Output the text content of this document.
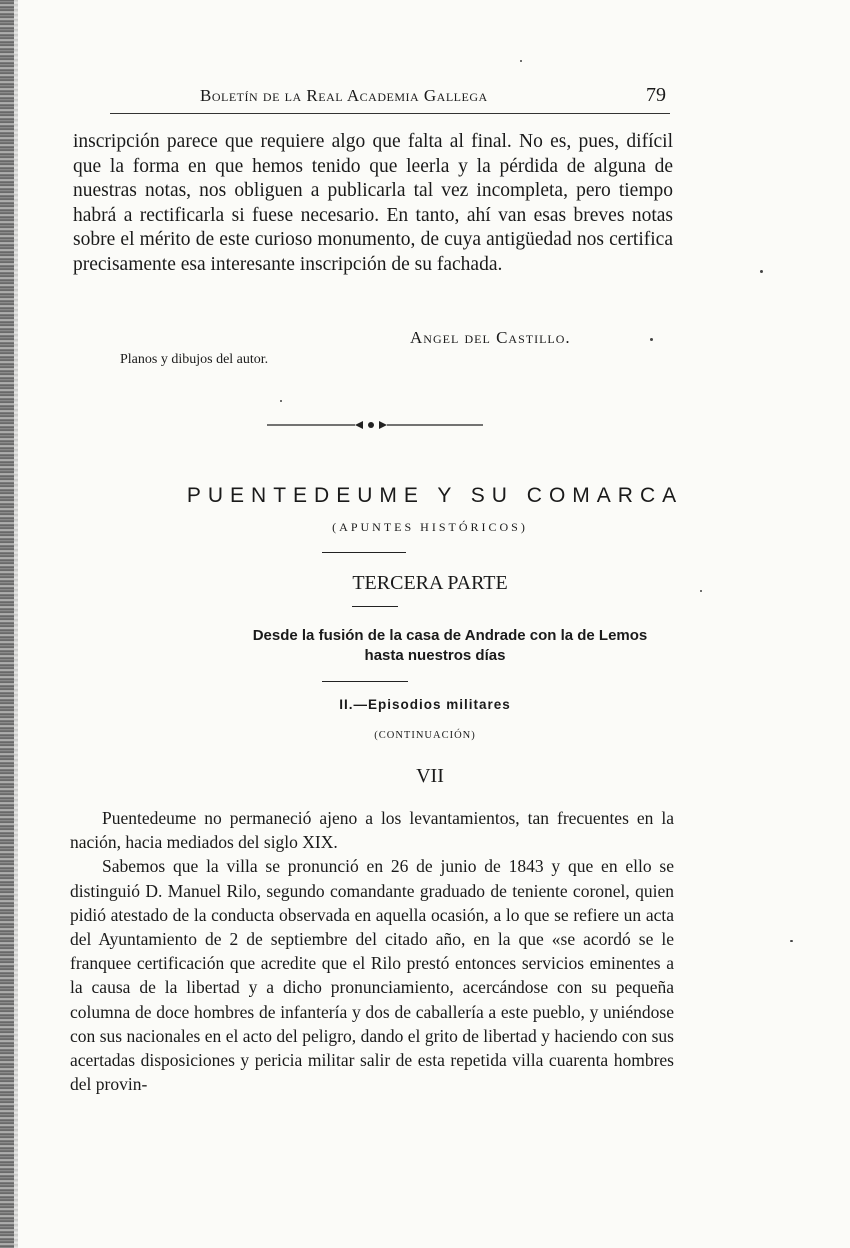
Boletín de la Real Academia Gallega	79
inscripción parece que requiere algo que falta al final. No es, pues, difícil que la forma en que hemos tenido que leerla y la pérdida de alguna de nuestras notas, nos obliguen a publicarla tal vez incompleta, pero tiempo habrá a rectificarla si fuese necesario. En tanto, ahí van esas breves notas sobre el mérito de este curioso monumento, de cuya antigüedad nos certifica precisamente esa interesante inscripción de su fachada.
Angel del Castillo.
Planos y dibujos del autor.
PUENTEDEUME Y SU COMARCA
(APUNTES HISTÓRICOS)
TERCERA PARTE
Desde la fusión de la casa de Andrade con la de Lemos
hasta nuestros días
II.—Episodios militares
(CONTINUACIÓN)
VII

Puentedeume no permaneció ajeno a los levantamientos, tan frecuentes en la nación, hacia mediados del siglo XIX.

Sabemos que la villa se pronunció en 26 de junio de 1843 y que en ello se distinguió D. Manuel Rilo, segundo comandante graduado de teniente coronel, quien pidió atestado de la conducta observada en aquella ocasión, a lo que se refiere un acta del Ayuntamiento de 2 de septiembre del citado año, en la que «se acordó se le franquee certificación que acredite que el Rilo prestó entonces servicios eminentes a la causa de la libertad y a dicho pronunciamiento, acercándose con su pequeña columna de doce hombres de infantería y dos de caballería a este pueblo, y uniéndose con sus nacionales en el acto del peligro, dando el grito de libertad y haciendo con sus acertadas disposiciones y pericia militar salir de esta repetida villa cuarenta hombres del provin-
